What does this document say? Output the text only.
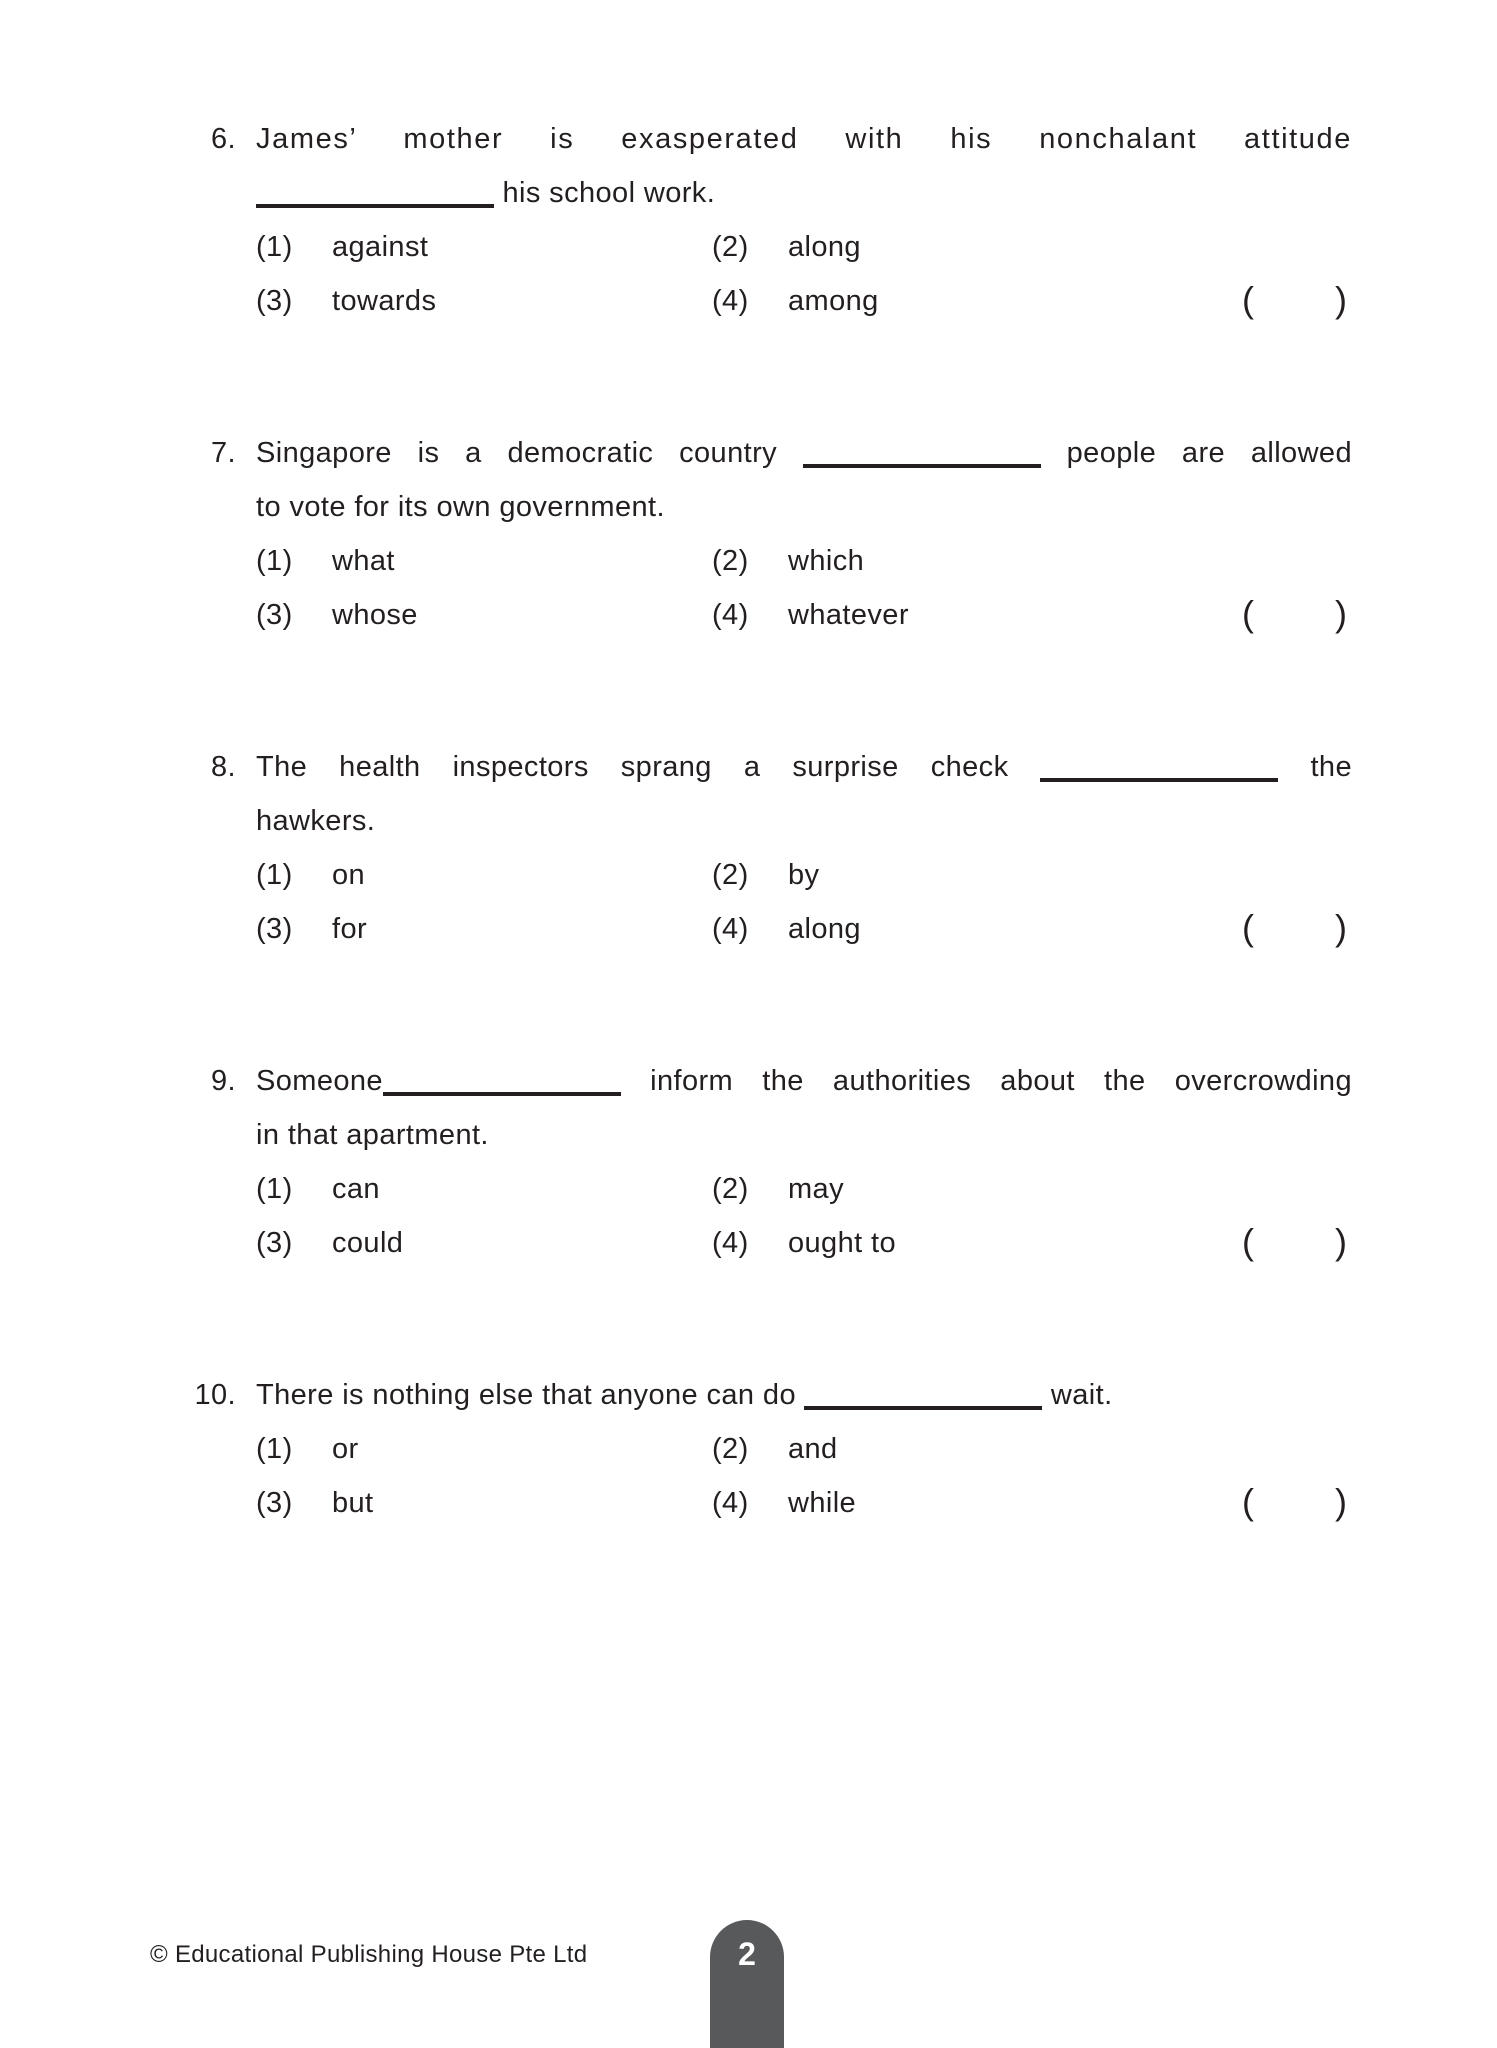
6. James’ mother is exasperated with his nonchalant attitude
his school work.
(1) against	(2) along
(3) towards	(4) among	( )
7. Singapore is a democratic country	people are allowed
to vote for its own government.
(1) what	(2) which
(3) whose	(4) whatever	( )
8. The health inspectors sprang a surprise check	the
hawkers.
(1) on	(2) by
(3) for	(4) along	( )
9. Someone	inform the authorities about the overcrowding
in that apartment.
(1) can	(2) may
(3) could	(4) ought to	( )
10. There is nothing else that anyone can do	wait.
(1) or	(2) and
(3) but	(4) while	( )
© Educational Publishing House Pte Ltd	2
